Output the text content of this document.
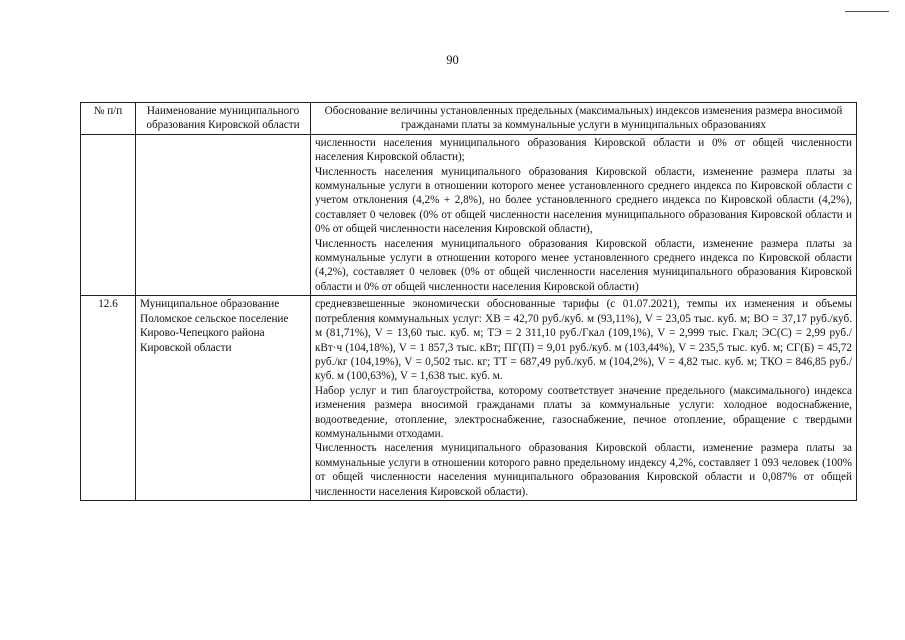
90
№ п/п	Наименование муниципального образования Кировской области	Обоснование величины установленных предельных (максимальных) индексов изменения размера вносимой гражданами платы за коммунальные услуги в муниципальных образованиях

		численности населения муниципального образования Кировской области и 0% от общей численности населения Кировской области);

Численность населения муниципального образования Кировской области, изменение размера платы за коммунальные услуги в отношении которого менее установленного среднего индекса по Кировской области с учетом отклонения (4,2% + 2,8%), но более установленного среднего индекса по Кировской области (4,2%), составляет 0 человек (0% от общей численности населения муниципального образования Кировской области и 0% от общей численности населения Кировской области),

Численность населения муниципального образования Кировской области, изменение размера платы за коммунальные услуги в отношении которого менее установленного среднего индекса по Кировской области (4,2%), составляет 0 человек (0% от общей численности населения муниципального образования Кировской области и 0% от общей численности населения Кировской области)

12.6	Муниципальное образование Поломское сельское поселение Кирово-Чепецкого района Кировской области	средневзвешенные экономически обоснованные тарифы (с 01.07.2021), темпы их изменения и объемы потребления коммунальных услуг: ХВ = 42,70 руб./куб. м (93,11%), V = 23,05 тыс. куб. м; ВО = 37,17 руб./куб. м (81,71%), V = 13,60 тыс. куб. м; ТЭ = 2 311,10 руб./Гкал (109,1%), V = 2,999 тыс. Гкал; ЭС(С) = 2,99 руб./кВт·ч (104,18%), V = 1 857,3 тыс. кВт; ПГ(П) = 9,01 руб./куб. м (103,44%), V = 235,5 тыс. куб. м; СГ(Б) = 45,72 руб./кг (104,19%), V = 0,502 тыс. кг; ТТ = 687,49 руб./куб. м (104,2%), V = 4,82 тыс. куб. м; ТКО = 846,85 руб./куб. м (100,63%), V = 1,638 тыс. куб. м.

Набор услуг и тип благоустройства, которому соответствует значение предельного (максимального) индекса изменения размера вносимой гражданами платы за коммунальные услуги: холодное водоснабжение, водоотведение, отопление, электроснабжение, газоснабжение, печное отопление, обращение с твердыми коммунальными отходами.

Численность населения муниципального образования Кировской области, изменение размера платы за коммунальные услуги в отношении которого равно предельному индексу 4,2%, составляет 1 093 человек (100% от общей численности населения муниципального образования Кировской области и 0,087% от общей численности населения Кировской области).
